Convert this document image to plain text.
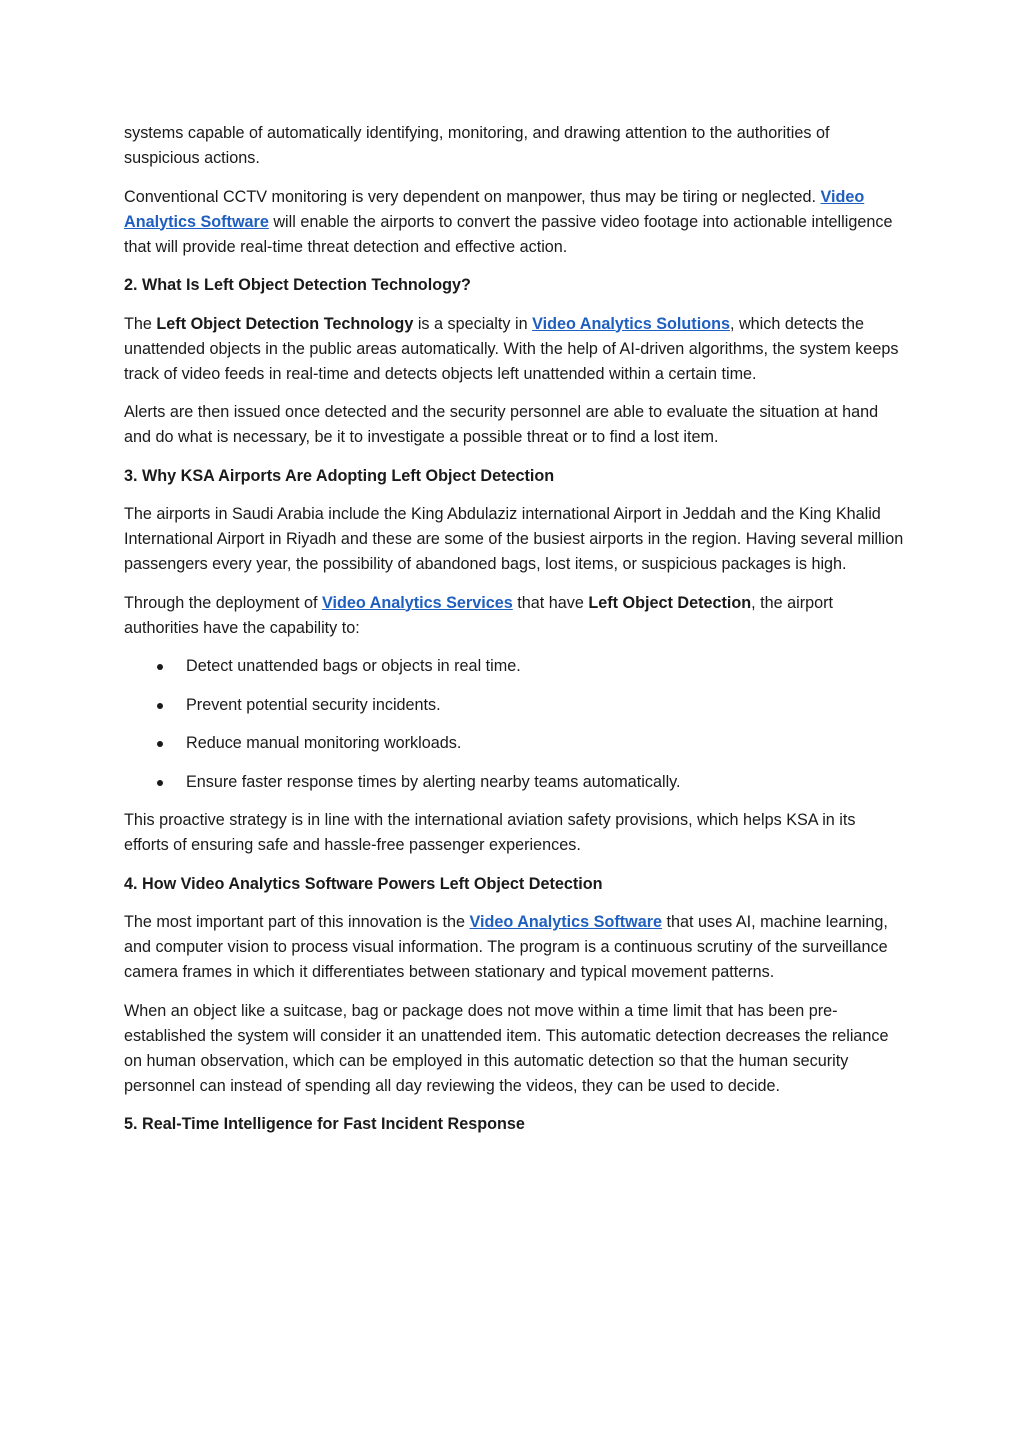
systems capable of automatically identifying, monitoring, and drawing attention to the authorities of suspicious actions.

Conventional CCTV monitoring is very dependent on manpower, thus may be tiring or neglected. Video Analytics Software will enable the airports to convert the passive video footage into actionable intelligence that will provide real-time threat detection and effective action.

2. What Is Left Object Detection Technology?

The Left Object Detection Technology is a specialty in Video Analytics Solutions, which detects the unattended objects in the public areas automatically. With the help of AI-driven algorithms, the system keeps track of video feeds in real-time and detects objects left unattended within a certain time.

Alerts are then issued once detected and the security personnel are able to evaluate the situation at hand and do what is necessary, be it to investigate a possible threat or to find a lost item.

3. Why KSA Airports Are Adopting Left Object Detection

The airports in Saudi Arabia include the King Abdulaziz international Airport in Jeddah and the King Khalid International Airport in Riyadh and these are some of the busiest airports in the region. Having several million passengers every year, the possibility of abandoned bags, lost items, or suspicious packages is high.

Through the deployment of Video Analytics Services that have Left Object Detection, the airport authorities have the capability to:

Detect unattended bags or objects in real time.
Prevent potential security incidents.
Reduce manual monitoring workloads.
Ensure faster response times by alerting nearby teams automatically.

This proactive strategy is in line with the international aviation safety provisions, which helps KSA in its efforts of ensuring safe and hassle-free passenger experiences.

4. How Video Analytics Software Powers Left Object Detection

The most important part of this innovation is the Video Analytics Software that uses AI, machine learning, and computer vision to process visual information. The program is a continuous scrutiny of the surveillance camera frames in which it differentiates between stationary and typical movement patterns.

When an object like a suitcase, bag or package does not move within a time limit that has been pre-established the system will consider it an unattended item. This automatic detection decreases the reliance on human observation, which can be employed in this automatic detection so that the human security personnel can instead of spending all day reviewing the videos, they can be used to decide.

5. Real-Time Intelligence for Fast Incident Response
